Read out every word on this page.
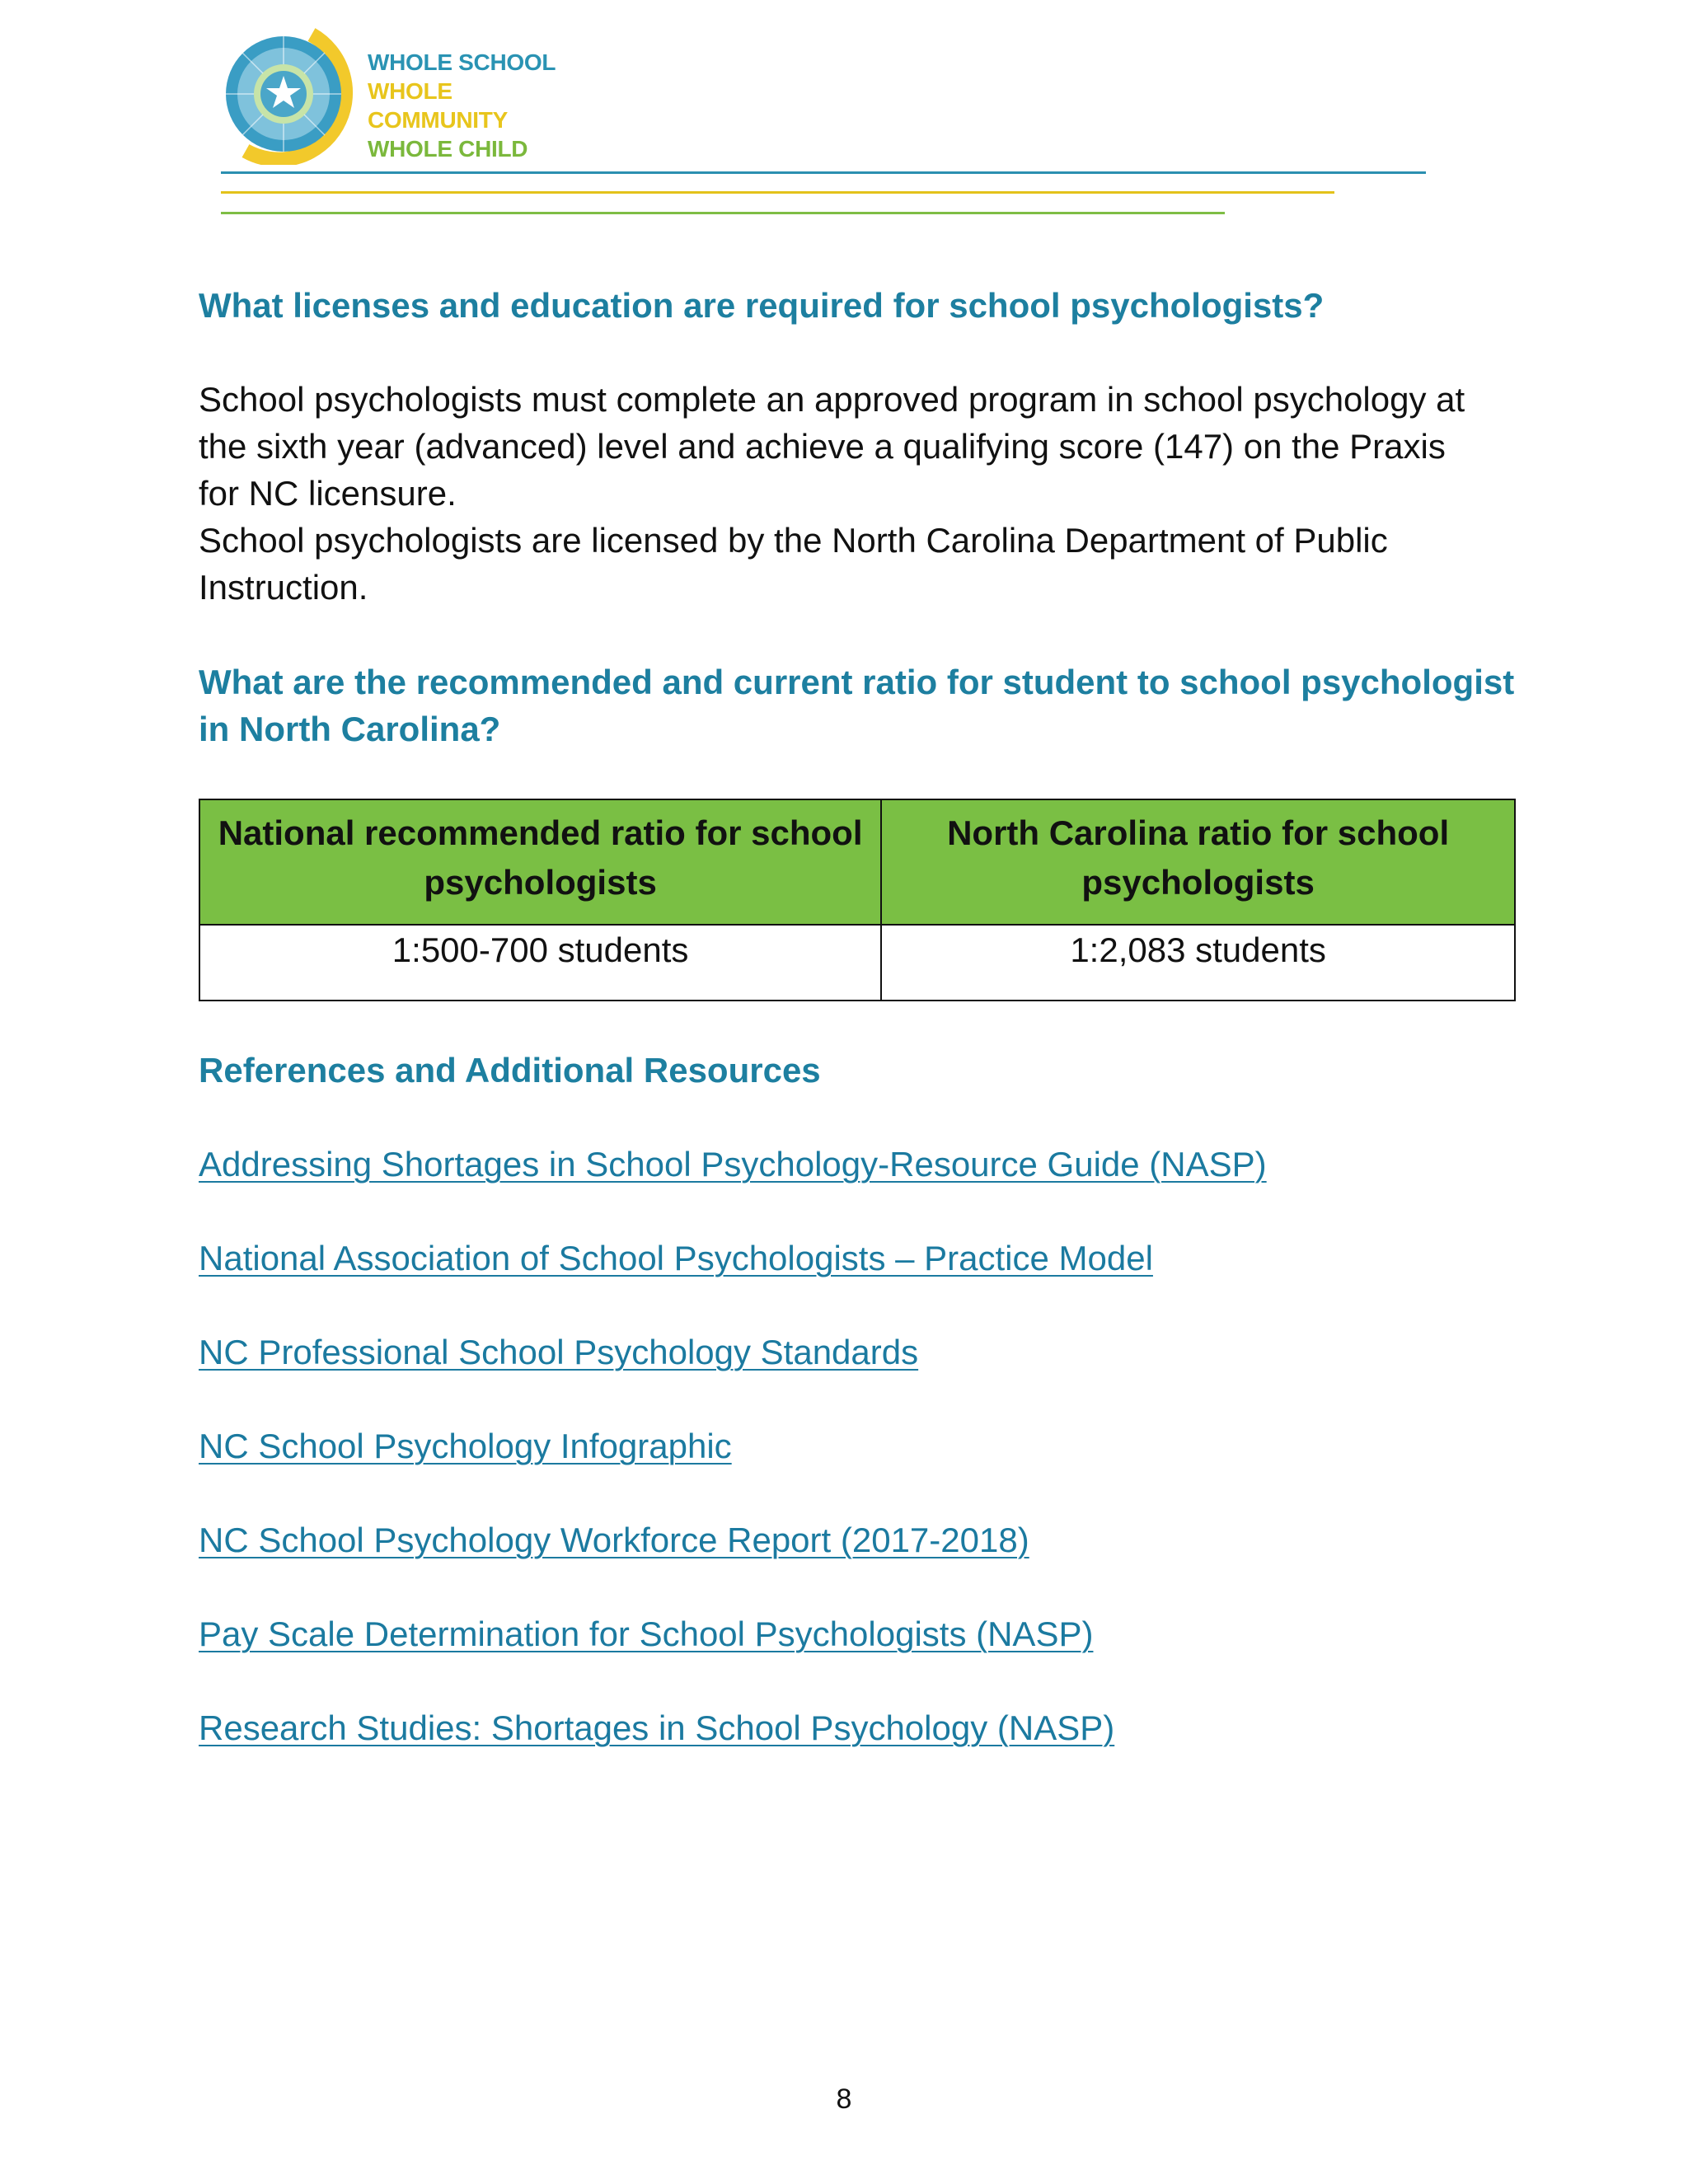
WHOLE SCHOOL
WHOLE COMMUNITY
WHOLE CHILD
What licenses and education are required for school psychologists?

School psychologists must complete an approved program in school psychology at

the sixth year (advanced) level and achieve a qualifying score (147) on the Praxis

for NC licensure.

School psychologists are licensed by the North Carolina Department of Public

Instruction.

What are the recommended and current ratio for student to school psychologist
in North Carolina?
National recommended ratio for school
psychologists	North Carolina ratio for school
psychologists
1:500-700 students	1:2,083 students
References and Additional Resources
Addressing Shortages in School Psychology-Resource Guide (NASP)
National Association of School Psychologists – Practice Model
NC Professional School Psychology Standards
NC School Psychology Infographic
NC School Psychology Workforce Report (2017-2018)
Pay Scale Determination for School Psychologists (NASP)
Research Studies: Shortages in School Psychology (NASP)
8
